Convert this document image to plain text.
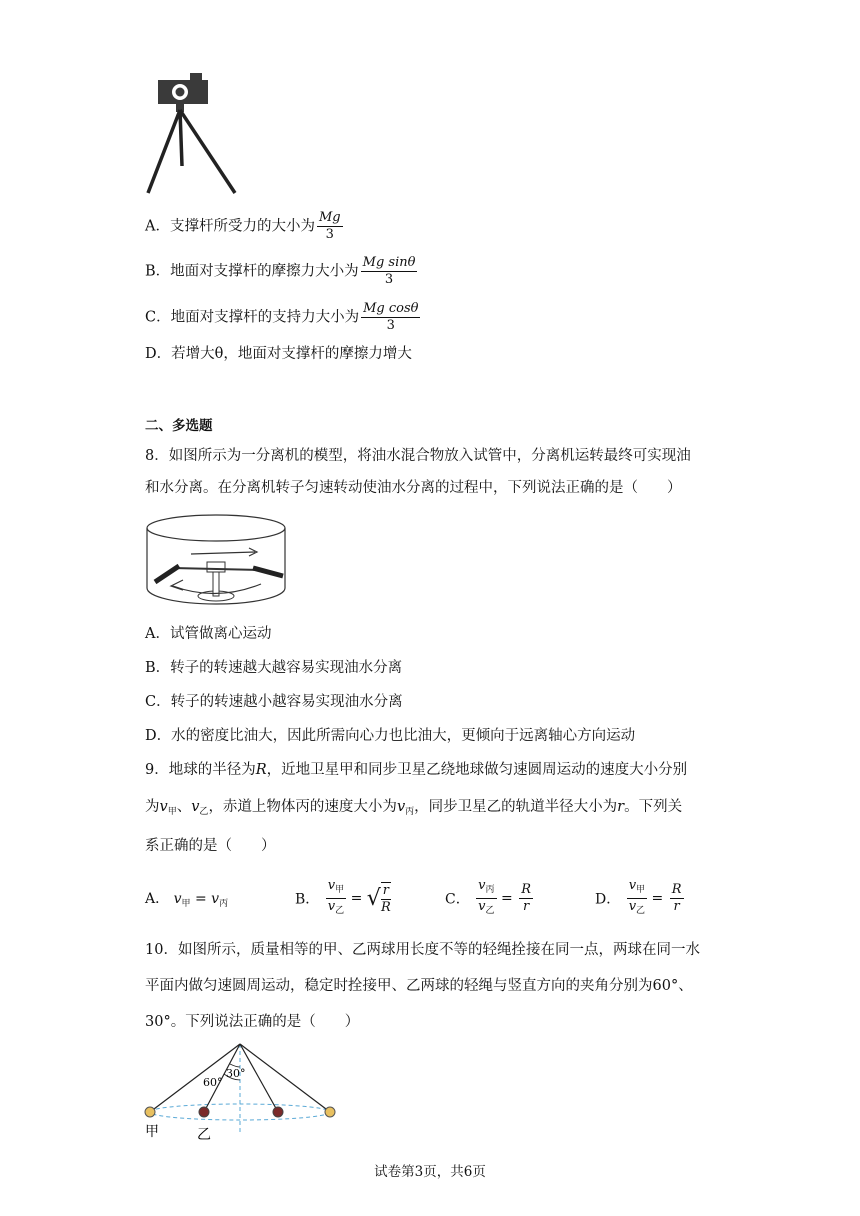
A．支撑杆所受力的大小为 $\frac{Mg}{3}$
B．地面对支撑杆的摩擦力大小为 $\frac{\text{Mg sinθ}}{3}$
C．地面对支撑杆的支持力大小为 $\frac{\text{Mg cosθ}}{3}$
D．若增大θ，地面对支撑杆的摩擦力增大
二、多选题
8．如图所示为一分离机的模型，将油水混合物放入试管中，分离机运转最终可实现油
和水分离。在分离机转子匀速转动使油水分离的过程中，下列说法正确的是（　　）
A．试管做离心运动
B．转子的转速越大越容易实现油水分离
C．转子的转速越小越容易实现油水分离
D．水的密度比油大，因此所需向心力也比油大，更倾向于远离轴心方向运动
9．地球的半径为R，近地卫星甲和同步卫星乙绕地球做匀速圆周运动的速度大小分别
为$v_甲$、$v_乙$，赤道上物体丙的速度大小为$v_丙$，同步卫星乙的轨道半径大小为r。下列关
系正确的是（　　）
A． $v_甲 = v_丙$	B． $\frac{v_甲}{v_乙}$ = √ $\frac{r}{R}$	C． $\frac{v_丙}{v_乙} = \frac{R}{r}$	D． $\frac{v_甲}{v_乙} = \frac{R}{r}$
10．如图所示，质量相等的甲、乙两球用长度不等的轻绳拴接在同一点，两球在同一水
平面内做匀速圆周运动，稳定时拴接甲、乙两球的轻绳与竖直方向的夹角分别为60°、
30°。下列说法正确的是（　　）
60°
30°
甲	乙
试卷第3页，共6页
